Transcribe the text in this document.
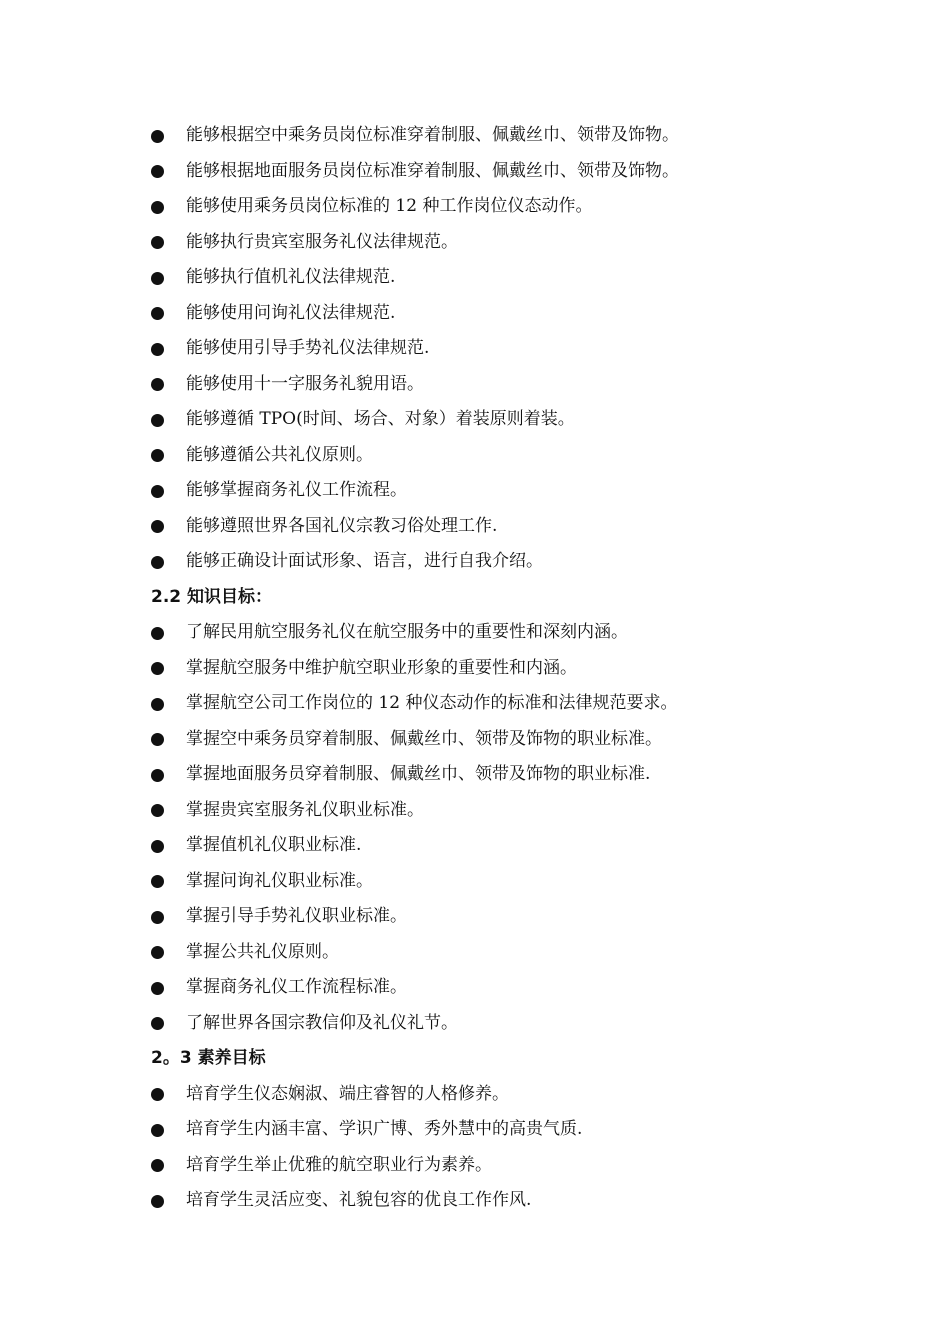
能够根据空中乘务员岗位标准穿着制服、佩戴丝巾、领带及饰物。
能够根据地面服务员岗位标准穿着制服、佩戴丝巾、领带及饰物。
能够使用乘务员岗位标准的 12 种工作岗位仪态动作。
能够执行贵宾室服务礼仪法律规范。
能够执行值机礼仪法律规范.
能够使用问询礼仪法律规范.
能够使用引导手势礼仪法律规范.
能够使用十一字服务礼貌用语。
能够遵循 TPO(时间、场合、对象）着装原则着装。
能够遵循公共礼仪原则。
能够掌握商务礼仪工作流程。
能够遵照世界各国礼仪宗教习俗处理工作.
能够正确设计面试形象、语言，进行自我介绍。
2.2 知识目标：
了解民用航空服务礼仪在航空服务中的重要性和深刻内涵。
掌握航空服务中维护航空职业形象的重要性和内涵。
掌握航空公司工作岗位的 12 种仪态动作的标准和法律规范要求。
掌握空中乘务员穿着制服、佩戴丝巾、领带及饰物的职业标准。
掌握地面服务员穿着制服、佩戴丝巾、领带及饰物的职业标准.
掌握贵宾室服务礼仪职业标准。
掌握值机礼仪职业标准.
掌握问询礼仪职业标准。
掌握引导手势礼仪职业标准。
掌握公共礼仪原则。
掌握商务礼仪工作流程标准。
了解世界各国宗教信仰及礼仪礼节。
2。3 素养目标
培育学生仪态娴淑、端庄睿智的人格修养。
培育学生内涵丰富、学识广博、秀外慧中的高贵气质.
培育学生举止优雅的航空职业行为素养。
培育学生灵活应变、礼貌包容的优良工作作风.
